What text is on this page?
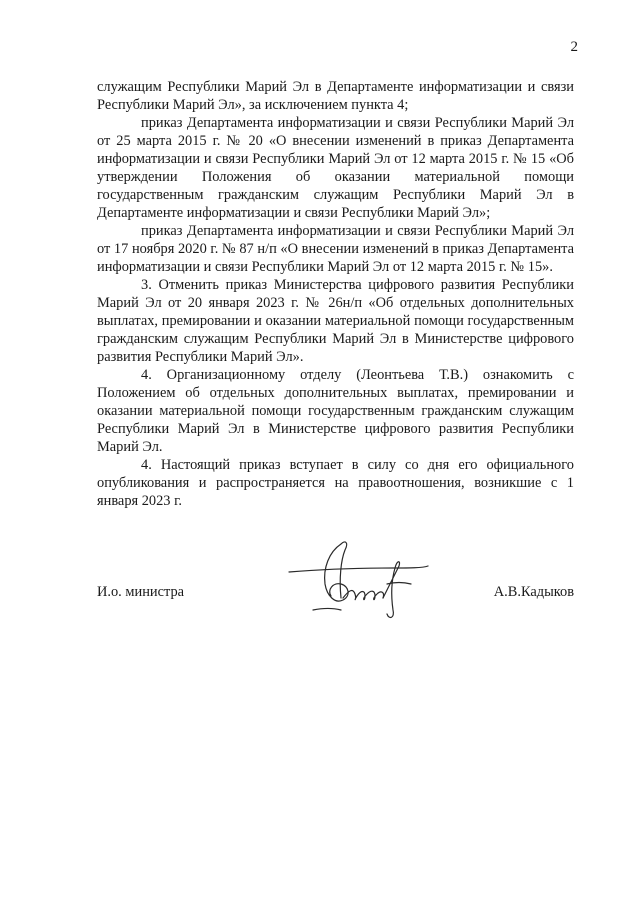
2

служащим Республики Марий Эл в Департаменте информатизации и связи Республики Марий Эл», за исключением пункта 4;

приказ Департамента информатизации и связи Республики Марий Эл от 25 марта 2015 г. № 20 «О внесении изменений в приказ Департамента информатизации и связи Республики Марий Эл от 12 марта 2015 г. № 15 «Об утверждении Положения об оказании материальной помощи государственным гражданским служащим Республики Марий Эл в Департаменте информатизации и связи Республики Марий Эл»;

приказ Департамента информатизации и связи Республики Марий Эл от 17 ноября 2020 г. № 87 н/п «О внесении изменений в приказ Департамента информатизации и связи Республики Марий Эл от 12 марта 2015 г. № 15».

3. Отменить приказ Министерства цифрового развития Республики Марий Эл от 20 января 2023 г. № 26н/п «Об отдельных дополнительных выплатах, премировании и оказании материальной помощи государственным гражданским служащим Республики Марий Эл в Министерстве цифрового развития Республики Марий Эл».

4. Организационному отделу (Леонтьева Т.В.) ознакомить с Положением об отдельных дополнительных выплатах, премировании и оказании материальной помощи государственным гражданским служащим Республики Марий Эл в Министерстве цифрового развития Республики Марий Эл.

4. Настоящий приказ вступает в силу со дня его официального опубликования и распространяется на правоотношения, возникшие с 1 января 2023 г.

И.о. министра	А.В.Кадыков
